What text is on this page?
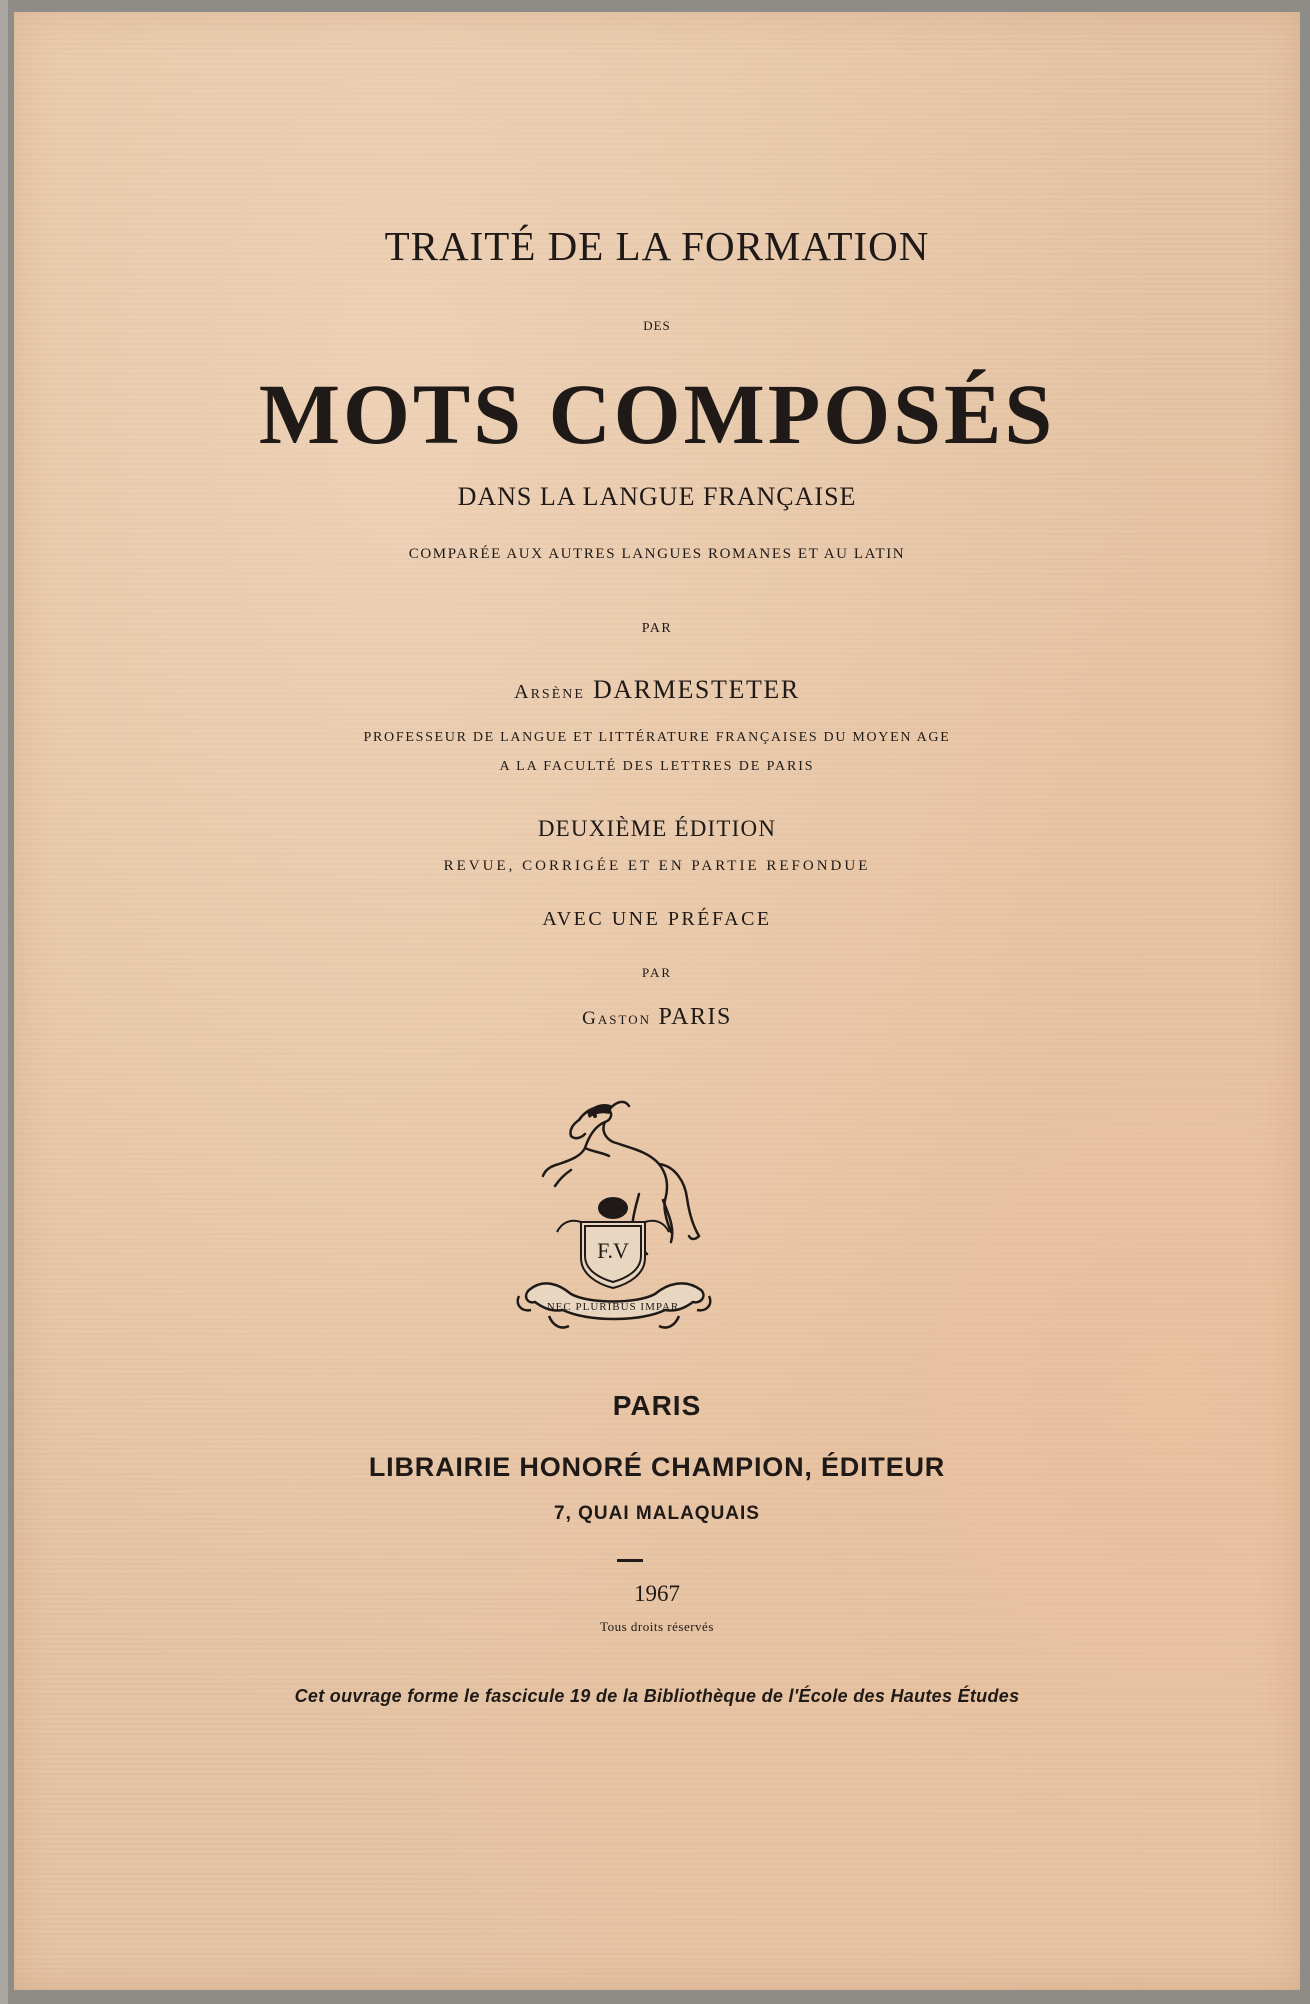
TRAITÉ DE LA FORMATION
DES
MOTS COMPOSÉS
DANS LA LANGUE FRANÇAISE
COMPARÉE AUX AUTRES LANGUES ROMANES ET AU LATIN
PAR
Arsène DARMESTETER
PROFESSEUR DE LANGUE ET LITTÉRATURE FRANÇAISES DU MOYEN AGE
A LA FACULTÉ DES LETTRES DE PARIS
DEUXIÈME ÉDITION
REVUE, CORRIGÉE ET EN PARTIE REFONDUE
AVEC UNE PRÉFACE
PAR
Gaston PARIS
F.V
NEC PLURIBUS IMPAR
PARIS
LIBRAIRIE HONORÉ CHAMPION, ÉDITEUR
7, QUAI MALAQUAIS
1967
Tous droits réservés
Cet ouvrage forme le fascicule 19 de la Bibliothèque de l'École des Hautes Études
